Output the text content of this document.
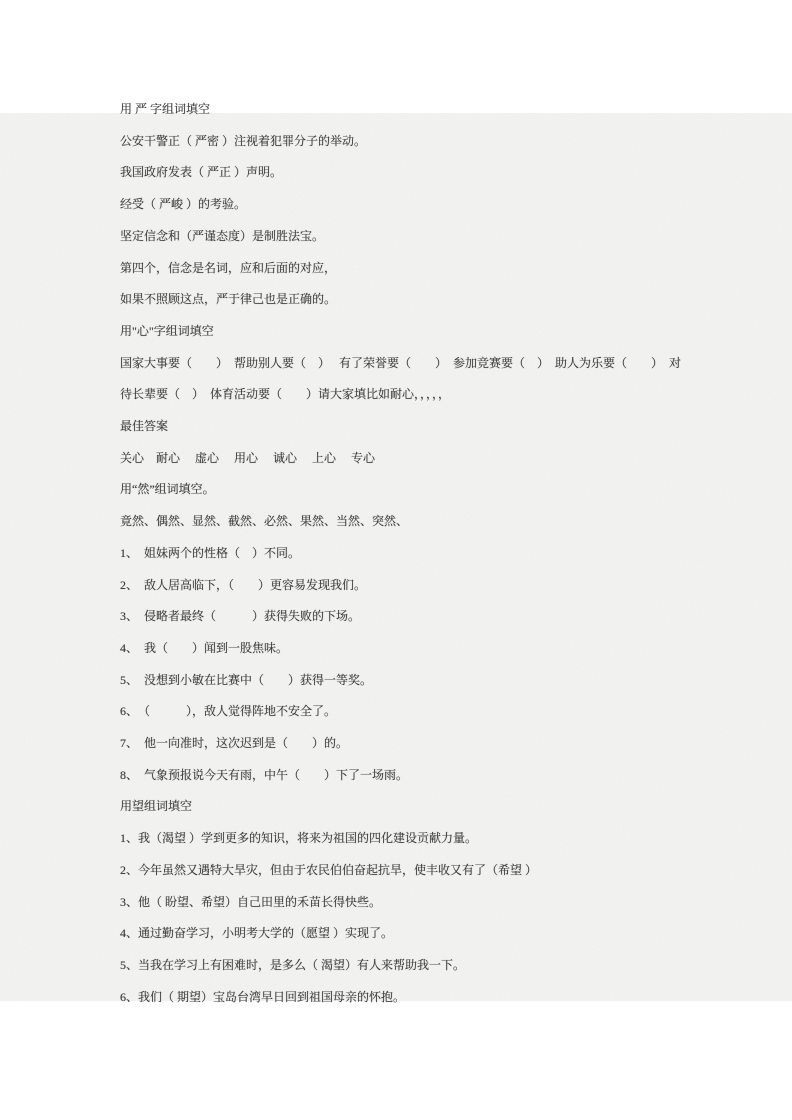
用 严 字组词填空
公安干警正（ 严密 ）注视着犯罪分子的举动。
我国政府发表（ 严正 ）声明。
经受（ 严峻 ）的考验。
坚定信念和（严谨态度）是制胜法宝。
第四个，信念是名词，应和后面的对应，
如果不照顾这点，严于律己也是正确的。
用"心"字组词填空
国家大事要（　　）　帮助别人要（　）　 有了荣誉要（　　）　参加竞赛要（　）　助人为乐要（　　）　对
待长辈要（　）　体育活动要（　　）请大家填比如耐心，，，，，
最佳答案
关心　耐心　 虚心　 用心　 诚心　 上心　 专心
用“然”组词填空。
竟然、偶然、显然、截然、必然、果然、当然、突然、
1、　姐妹两个的性格（　）不同。
2、　敌人居高临下，（　　）更容易发现我们。
3、　侵略者最终（　　　）获得失败的下场。
4、　我（　　）闻到一股焦味。
5、　没想到小敏在比赛中（　　）获得一等奖。
6、　（　　　），敌人觉得阵地不安全了。
7、　他一向准时，这次迟到是（　　）的。
8、　气象预报说今天有雨，中午（　　）下了一场雨。
用望组词填空
1、我（渴望 ）学到更多的知识，将来为祖国的四化建设贡献力量。
2、今年虽然又遇特大旱灾，但由于农民伯伯奋起抗旱，使丰收又有了（希望 ）
3、他（ 盼望、希望）自己田里的禾苗长得快些。
4、通过勤奋学习，小明考大学的（愿望 ）实现了。
5、当我在学习上有困难时，是多么（ 渴望）有人来帮助我一下。
6、我们（ 期望）宝岛台湾早日回到祖国母亲的怀抱。
